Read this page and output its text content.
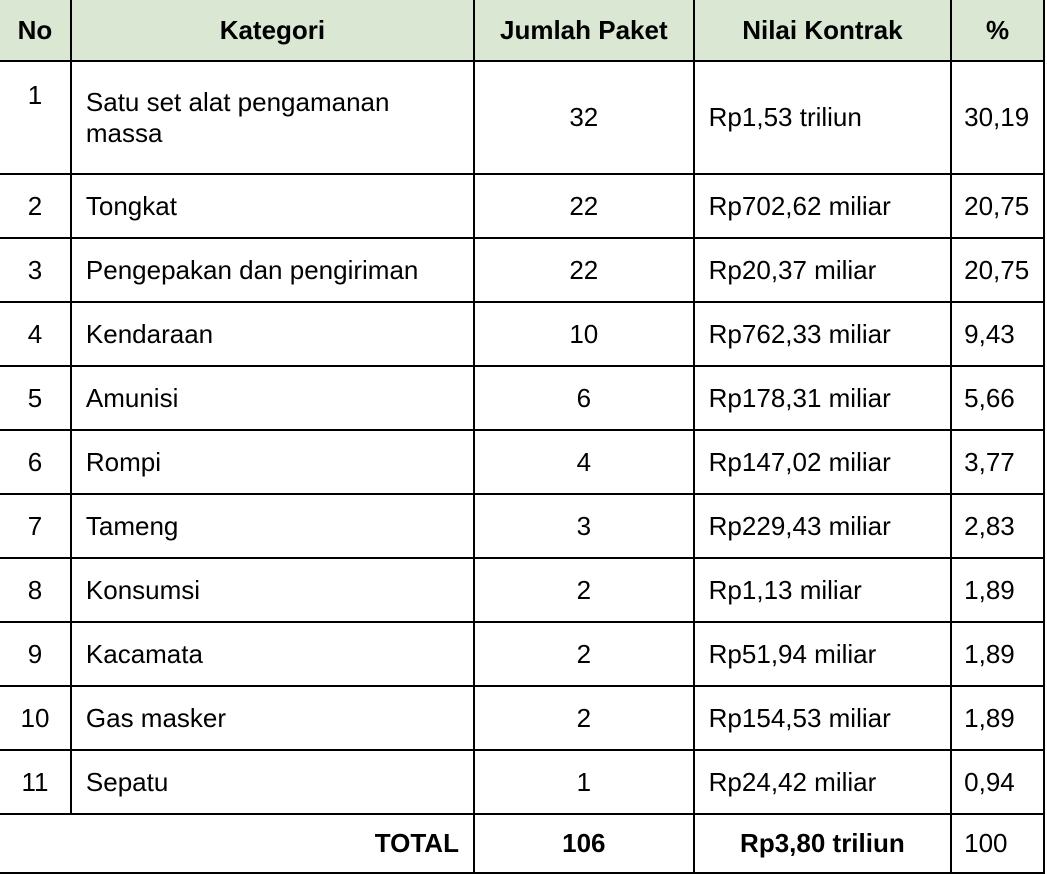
No	Kategori	Jumlah Paket	Nilai Kontrak	%
1	Satu set alat pengamanan massa	32	Rp1,53 triliun	30,19
2	Tongkat	22	Rp702,62 miliar	20,75
3	Pengepakan dan pengiriman	22	Rp20,37 miliar	20,75
4	Kendaraan	10	Rp762,33 miliar	9,43
5	Amunisi	6	Rp178,31 miliar	5,66
6	Rompi	4	Rp147,02 miliar	3,77
7	Tameng	3	Rp229,43 miliar	2,83
8	Konsumsi	2	Rp1,13 miliar	1,89
9	Kacamata	2	Rp51,94 miliar	1,89
10	Gas masker	2	Rp154,53 miliar	1,89
11	Sepatu	1	Rp24,42 miliar	0,94
TOTAL		106	Rp3,80 triliun	100
